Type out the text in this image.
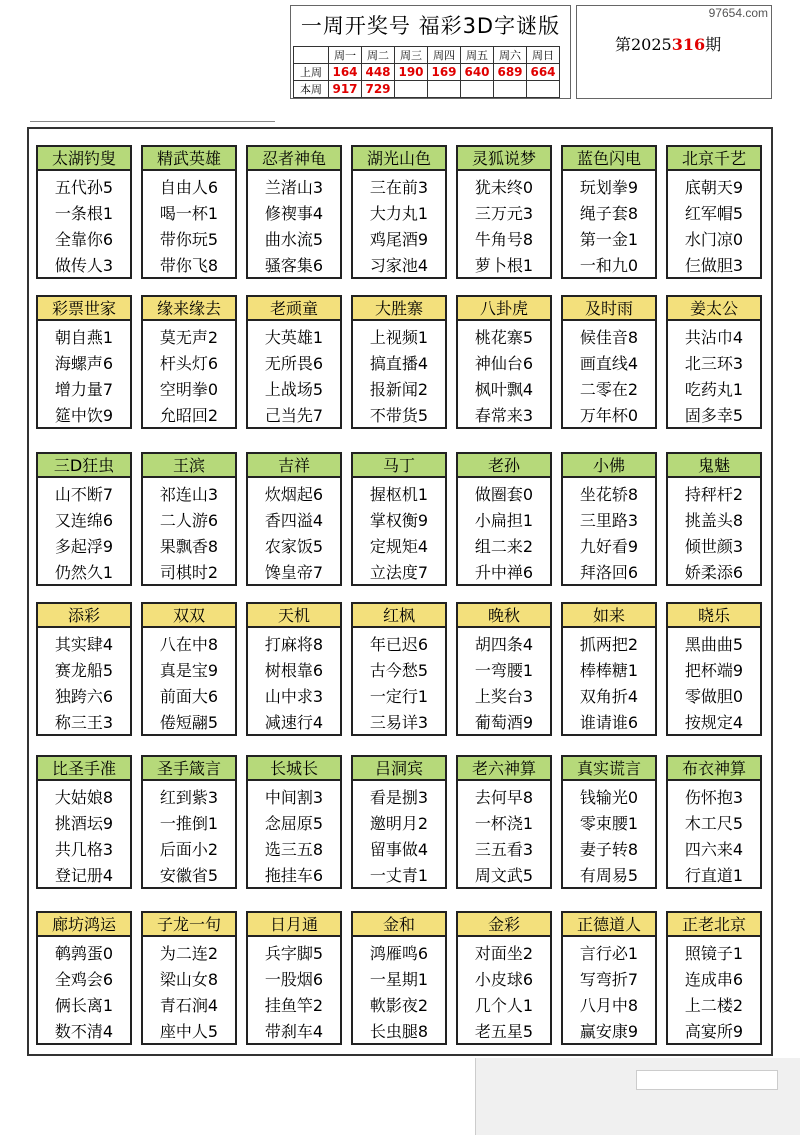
一周开奖号 福彩3D字谜版
	周一	周二	周三	周四	周五	周六	周日
上周	164	448	190	169	640	689	664
本周	917	729					
97654.com
第2025316期
太湖钓叟
五代孙5
一条根1
全靠你6
做传人3
精武英雄
自由人6
喝一杯1
带你玩5
带你飞8
忍者神龟
兰渚山3
修褉事4
曲水流5
骚客集6
湖光山色
三在前3
大力丸1
鸡尾酒9
习家池4
灵狐说梦
犹未终0
三万元3
牛角号8
萝卜根1
蓝色闪电
玩划拳9
绳子套8
第一金1
一和九0
北京千艺
底朝天9
红军帽5
水门凉0
仨做胆3
彩票世家
朝自燕1
海螺声6
增力量7
筵中饮9
缘来缘去
莫无声2
杆头灯6
空明拳0
允昭回2
老顽童
大英雄1
无所畏6
上战场5
己当先7
大胜寨
上视频1
搞直播4
报新闻2
不带货5
八卦虎
桃花寨5
神仙台6
枫叶飘4
春常来3
及时雨
候佳音8
画直线4
二零在2
万年杯0
姜太公
共沾巾4
北三环3
吃药丸1
固多幸5
三D狂虫
山不断7
又连绵6
多起浮9
仍然久1
王滨
祁连山3
二人游6
果飘香8
司棋时2
吉祥
炊烟起6
香四溢4
农家饭5
馋皇帝7
马丁
握枢机1
掌权衡9
定规矩4
立法度7
老孙
做圈套0
小扁担1
组二来2
升中禅6
小佛
坐花轿8
三里路3
九好看9
拜洛回6
鬼魅
持秤杆2
挑盖头8
倾世颜3
娇柔添6
添彩
其实肆4
赛龙船5
独跨六6
称三王3
双双
八在中8
真是宝9
前面大6
倦短翮5
天机
打麻将8
树根靠6
山中求3
减速行4
红枫
年已迟6
古今愁5
一定行1
三易详3
晚秋
胡四条4
一弯腰1
上奖台3
葡萄酒9
如来
抓两把2
棒棒糖1
双角折4
谁请谁6
晓乐
黑曲曲5
把杯端9
零做胆0
按规定4
比圣手准
大姑娘8
挑酒坛9
共几格3
登记册4
圣手箴言
红到紫3
一推倒1
后面小2
安徽省5
长城长
中间割3
念屈原5
选三五8
拖挂车6
吕洞宾
看是捌3
邀明月2
留事做4
一丈青1
老六神算
去何早8
一杯浇1
三五看3
周文武5
真实谎言
钱输光0
零束腰1
妻子转8
有周易5
布衣神算
伤怀抱3
木工尺5
四六来4
行直道1
廊坊鸿运
鹌鹑蛋0
全鸡会6
俩长离1
数不清4
子龙一句
为二连2
梁山女8
青石涧4
座中人5
日月通
兵字脚5
一股烟6
挂鱼竿2
带刹车4
金和
鸿雁鸣6
一星期1
軟影夜2
长虫腿8
金彩
对面坐2
小皮球6
几个人1
老五星5
正德道人
言行必1
写弯折7
八月中8
赢安康9
正老北京
照镜子1
连成串6
上二楼2
高宴所9
